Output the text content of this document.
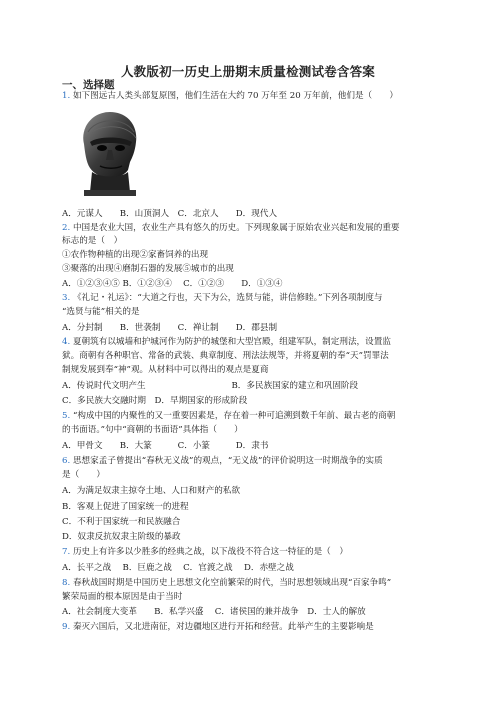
人教版初一历史上册期末质量检测试卷含答案
一、选择题
1. 如下图远古人类头部复原图，他们生活在大约 70 万年至 20 万年前，他们是（　　）
A．元谋人　　B．山顶洞人　C．北京人　　D．现代人
2. 中国是农业大国，农业生产具有悠久的历史。下列现象属于原始农业兴起和发展的重要
标志的是（　）
①农作物种植的出现②家畜饲养的出现
③聚落的出现④磨制石器的发展⑤城市的出现
A．①②③④⑤ B．①②③④　 C．①②③　　D．①③④
3. 《礼记・礼运》：“大道之行也，天下为公，选贤与能，讲信修睦。”下列各项制度与
“选贤与能”相关的是
A．分封制　　B．世袭制　　C．禅让制　　D．郡县制
4. 夏朝筑有以城墙和护城河作为防护的城堡和大型宫殿，组建军队，制定刑法，设置监
狱。商朝有各种职官、常备的武装、典章制度、刑法法规等，并将夏朝的奉“天”罚罪法
制规发展到奉“神”观。从材料中可以得出的观点是夏商
A．传说时代文明产生　　　　　　　　　　B．多民族国家的建立和巩固阶段
C．多民族大交融时期　D．早期国家的形成阶段
5. “构成中国的内聚性的又一重要因素是，存在着一种可追溯到数千年前、最古老的商朝
的书面语。”句中“商朝的书面语”具体指（　　）
A．甲骨文　　B．大篆　　　C．小篆　　　D．隶书
6. 思想家孟子曾提出“春秋无义战”的观点，“无义战”的评价说明这一时期战争的实质
是（　　）
A．为满足奴隶主掠夺土地、人口和财产的私欲
B．客观上促进了国家统一的进程
C．不利于国家统一和民族融合
D．奴隶反抗奴隶主阶级的暴政
7. 历史上有许多以少胜多的经典之战，以下战役不符合这一特征的是（　）
A．长平之战　 B．巨鹿之战　 C．官渡之战　 D．赤壁之战
8. 春秋战国时期是中国历史上思想文化空前繁荣的时代，当时思想领域出现“百家争鸣”
繁荣局面的根本原因是由于当时
A．社会制度大变革　　B．私学兴盛　 C．诸侯国的兼并战争　D．士人的解放
9. 秦灭六国后，又北进南征，对边疆地区进行开拓和经营。此举产生的主要影响是
